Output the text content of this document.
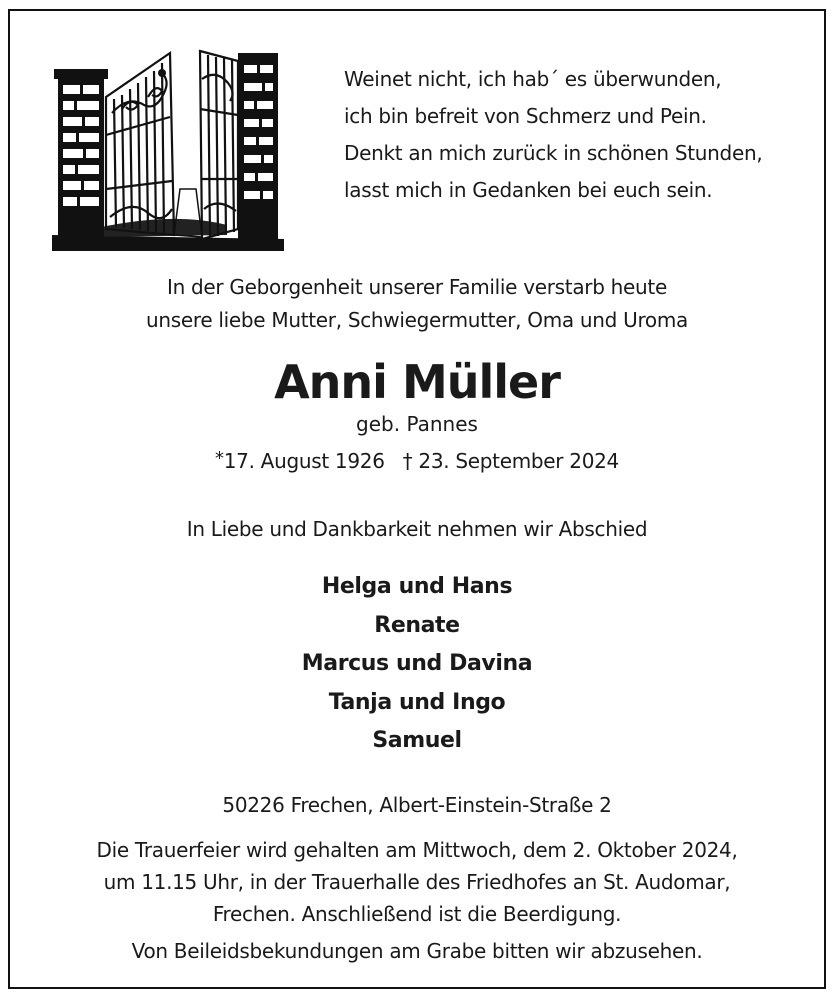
Weinet nicht, ich hab´ es überwunden,
ich bin befreit von Schmerz und Pein.
Denkt an mich zurück in schönen Stunden,
lasst mich in Gedanken bei euch sein.
In der Geborgenheit unserer Familie verstarb heute
unsere liebe Mutter, Schwiegermutter, Oma und Uroma
Anni Müller
geb. Pannes
*17. August 1926 † 23. September 2024
In Liebe und Dankbarkeit nehmen wir Abschied
Helga und Hans
Renate
Marcus und Davina
Tanja und Ingo
Samuel
50226 Frechen, Albert-Einstein-Straße 2
Die Trauerfeier wird gehalten am Mittwoch, dem 2. Oktober 2024,
um 11.15 Uhr, in der Trauerhalle des Friedhofes an St. Audomar,
Frechen. Anschließend ist die Beerdigung.
Von Beileidsbekundungen am Grabe bitten wir abzusehen.
